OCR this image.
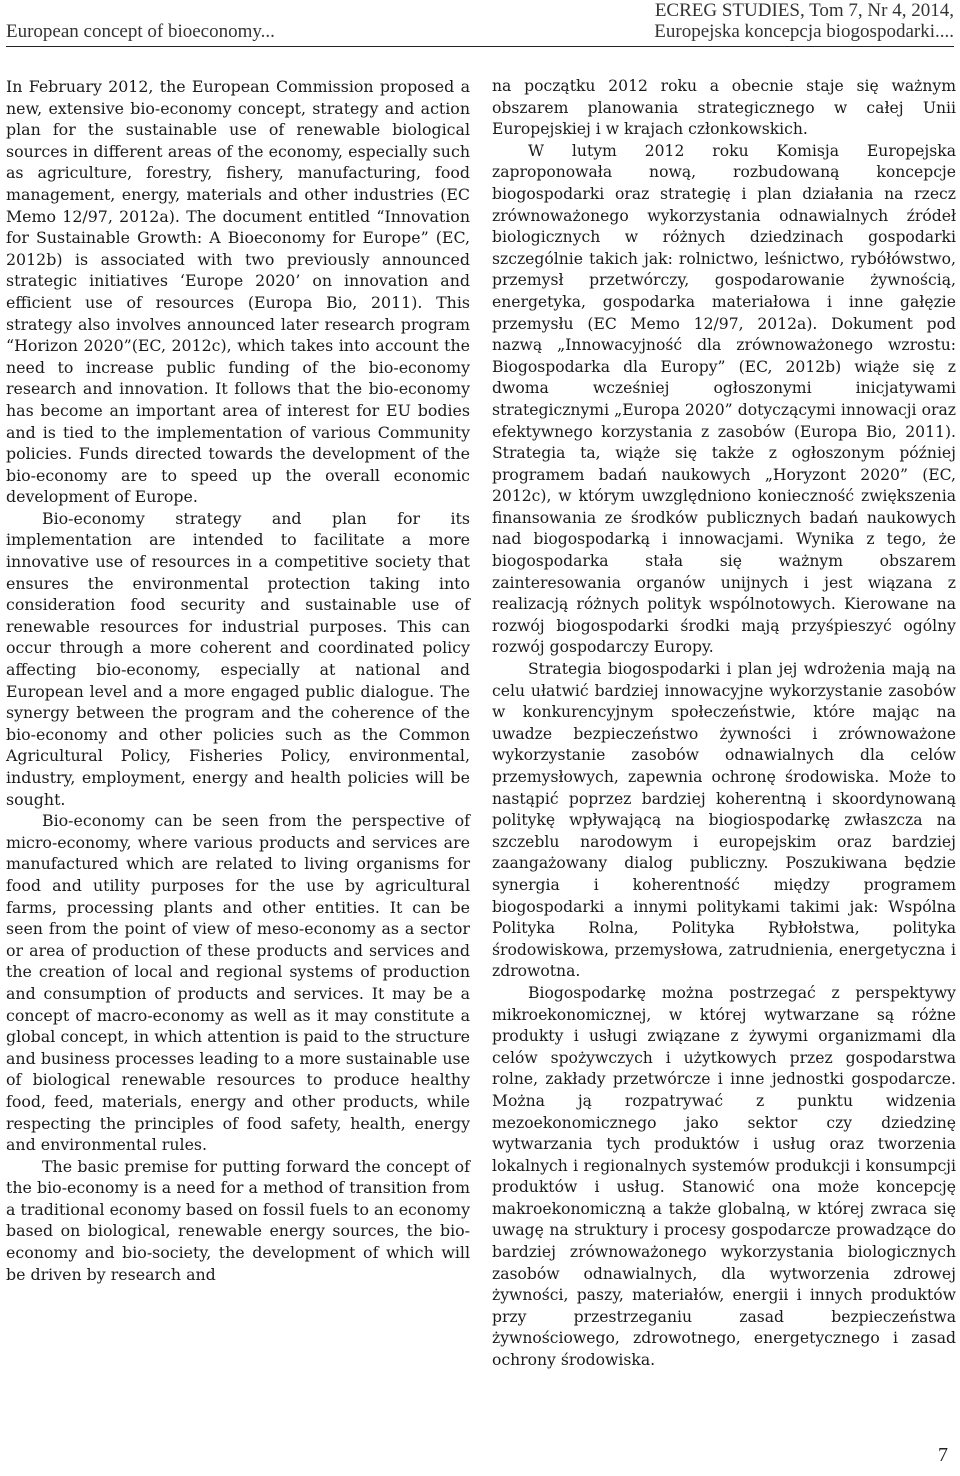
European concept of bioeconomy...
ECREG STUDIES, Tom 7, Nr 4, 2014,
Europejska koncepcja biogospodarki....

In February 2012, the European Commission proposed a new, extensive bio-economy concept, strategy and action plan for the sustainable use of renewable biological sources in different areas of the economy, especially such as agriculture, forestry, fishery, manufacturing, food management, energy, materials and other industries (EC Memo 12/97, 2012a). The document entitled “Innovation for Sustainable Growth: A Bioeconomy for Europe” (EC, 2012b) is associated with two previously announced strategic initiatives ‘Europe 2020’ on innovation and efficient use of resources (Europa Bio, 2011). This strategy also involves announced later research program “Horizon 2020”(EC, 2012c), which takes into account the need to increase public funding of the bio-economy research and innovation. It follows that the bio-economy has become an important area of interest for EU bodies and is tied to the implementation of various Community policies. Funds directed towards the development of the bio-economy are to speed up the overall economic development of Europe.

Bio-economy strategy and plan for its implementation are intended to facilitate a more innovative use of resources in a competitive society that ensures the environmental protection taking into consideration food security and sustainable use of renewable resources for industrial purposes. This can occur through a more coherent and coordinated policy affecting bio-economy, especially at national and European level and a more engaged public dialogue. The synergy between the program and the coherence of the bio-economy and other policies such as the Common Agricultural Policy, Fisheries Policy, environmental, industry, employment, energy and health policies will be sought.

Bio-economy can be seen from the perspective of micro-economy, where various products and services are manufactured which are related to living organisms for food and utility purposes for the use by agricultural farms, processing plants and other entities. It can be seen from the point of view of meso-economy as a sector or area of production of these products and services and the creation of local and regional systems of production and consumption of products and services. It may be a concept of macro-economy as well as it may constitute a global concept, in which attention is paid to the structure and business processes leading to a more sustainable use of biological renewable resources to produce healthy food, feed, materials, energy and other products, while respecting the principles of food safety, health, energy and environmental rules.

The basic premise for putting forward the concept of the bio-economy is a need for a method of transition from a traditional economy based on fossil fuels to an economy based on biological, renewable energy sources, the bio-economy and bio-society, the development of which will be driven by research and

na początku 2012 roku a obecnie staje się ważnym obszarem planowania strategicznego w całej Unii Europejskiej i w krajach członkowskich.

W lutym 2012 roku Komisja Europejska zaproponowała nową, rozbudowaną koncepcje biogospodarki oraz strategię i plan działania na rzecz zrównoważonego wykorzystania odnawialnych źródeł biologicznych w różnych dziedzinach gospodarki szczególnie takich jak: rolnictwo, leśnictwo, rybółówstwo, przemysł przetwórczy, gospodarowanie żywnością, energetyka, gospodarka materiałowa i inne gałęzie przemysłu (EC Memo 12/97, 2012a). Dokument pod nazwą „Innowacyjność dla zrównoważonego wzrostu: Biogospodarka dla Europy” (EC, 2012b) wiąże się z dwoma wcześniej ogłoszonymi inicjatywami strategicznymi „Europa 2020” dotyczącymi innowacji oraz efektywnego korzystania z zasobów (Europa Bio, 2011). Strategia ta, wiąże się także z ogłoszonym później programem badań naukowych „Horyzont 2020” (EC, 2012c), w którym uwzględniono konieczność zwiększenia finansowania ze środków publicznych badań naukowych nad biogospodarką i innowacjami. Wynika z tego, że biogospodarka stała się ważnym obszarem zainteresowania organów unijnych i jest wiązana z realizacją różnych polityk wspólnotowych. Kierowane na rozwój biogospodarki środki mają przyśpieszyć ogólny rozwój gospodarczy Europy.

Strategia biogospodarki i plan jej wdrożenia mają na celu ułatwić bardziej innowacyjne wykorzystanie zasobów w konkurencyjnym społeczeństwie, które mając na uwadze bezpieczeństwo żywności i zrównoważone wykorzystanie zasobów odnawialnych dla celów przemysłowych, zapewnia ochronę środowiska. Może to nastąpić poprzez bardziej koherentną i skoordynowaną politykę wpływającą na biogiospodarkę zwłaszcza na szczeblu narodowym i europejskim oraz bardziej zaangażowany dialog publiczny. Poszukiwana będzie synergia i koherentność między programem biogospodarki a innymi politykami takimi jak: Wspólna Polityka Rolna, Polityka Rybłołstwa, polityka środowiskowa, przemysłowa, zatrudnienia, energetyczna i zdrowotna.

Biogospodarkę można postrzegać z perspektywy mikroekonomicznej, w której wytwarzane są różne produkty i usługi związane z żywymi organizmami dla celów spożywczych i użytkowych przez gospodarstwa rolne, zakłady przetwórcze i inne jednostki gospodarcze. Można ją rozpatrywać z punktu widzenia mezoekonomicznego jako sektor czy dziedzinę wytwarzania tych produktów i usług oraz tworzenia lokalnych i regionalnych systemów produkcji i konsumpcji produktów i usług. Stanowić ona może koncepcję makroekonomiczną a także globalną, w której zwraca się uwagę na struktury i procesy gospodarcze prowadzące do bardziej zrównoważonego wykorzystania biologicznych zasobów odnawialnych, dla wytworzenia zdrowej żywności, paszy, materiałów, energii i innych produktów przy przestrzeganiu zasad bezpieczeństwa żywnościowego, zdrowotnego, energetycznego i zasad ochrony środowiska.

7
